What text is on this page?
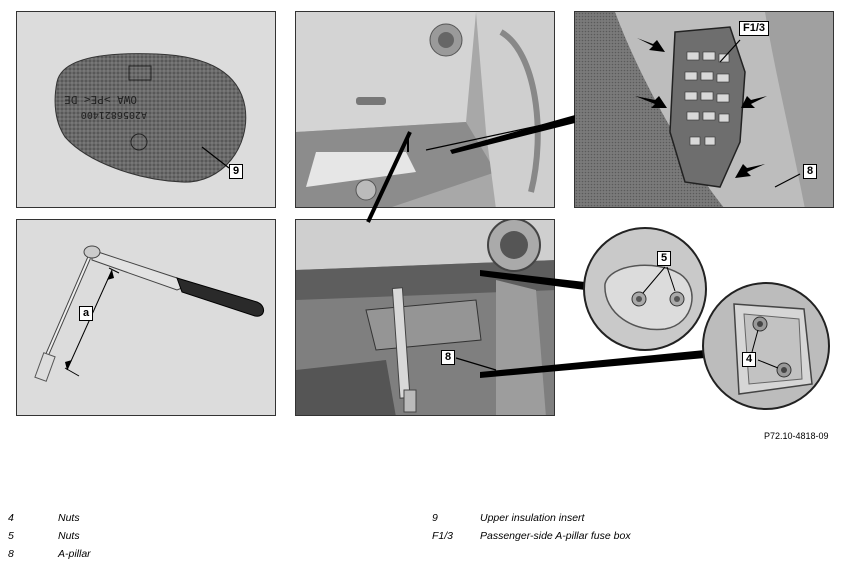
OWA >PE< DE
A2056821400
9
F1/3
8
a
8
5
4
P72.10-4818-09
4	Nuts
5	Nuts
8	A-pillar
9	Upper insulation insert
F1/3	Passenger-side A-pillar fuse box
